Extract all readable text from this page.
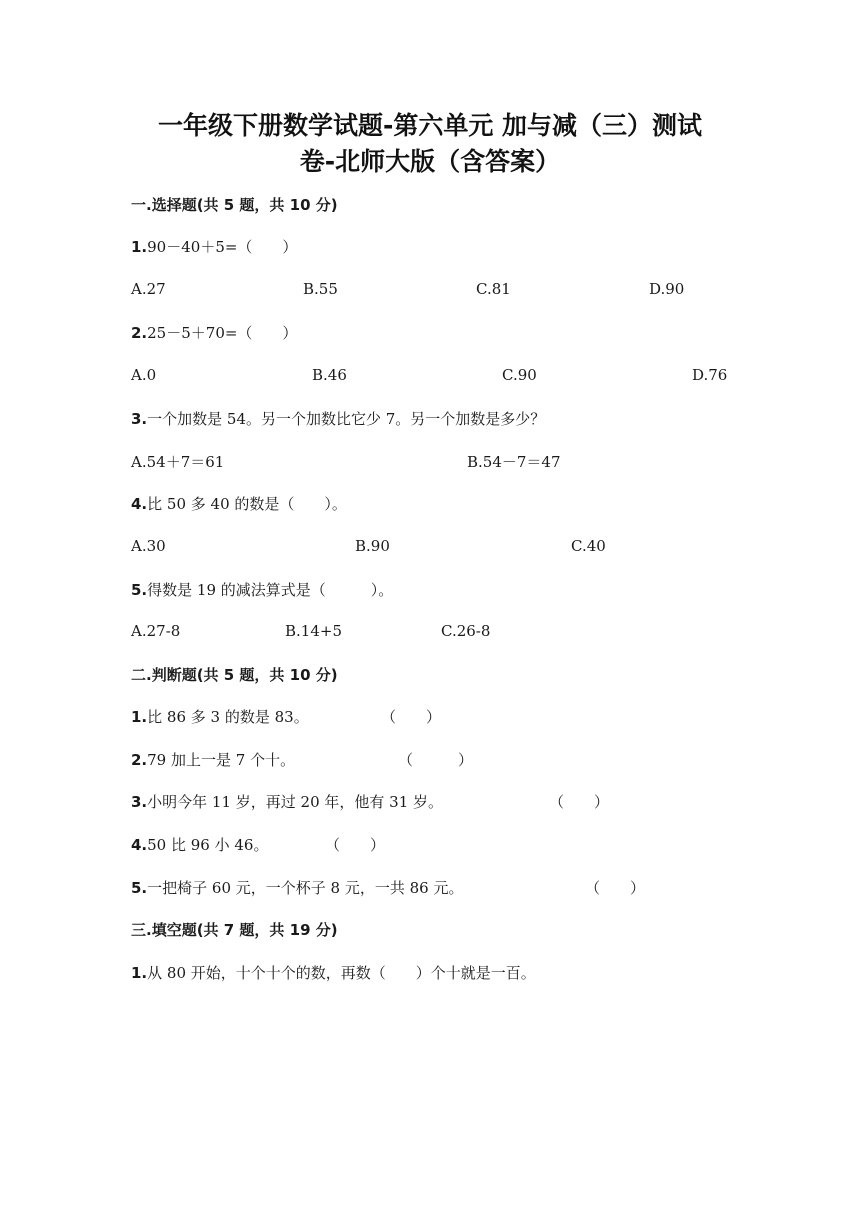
一年级下册数学试题-第六单元 加与减（三）测试
卷-北师大版（含答案）
一.选择题(共 5 题，共 10 分)
1.90－40＋5=（　　）
A.27	B.55	C.81	D.90
2.25－5＋70=（　　）
A.0	B.46	C.90	D.76
3.一个加数是 54。另一个加数比它少 7。另一个加数是多少？
A.54＋7＝61	B.54－7＝47
4.比 50 多 40 的数是（　　）。
A.30	B.90	C.40
5.得数是 19 的减法算式是（　　　）。
A.27-8	B.14+5	C.26-8
二.判断题(共 5 题，共 10 分)
1.比 86 多 3 的数是 83。	（　　）
2.79 加上一是 7 个十。	（　　　）
3.小明今年 11 岁，再过 20 年，他有 31 岁。	（　　）
4.50 比 96 小 46。	（　　）
5.一把椅子 60 元，一个杯子 8 元，一共 86 元。	（　　）
三.填空题(共 7 题，共 19 分)
1.从 80 开始，十个十个的数，再数（　　）个十就是一百。
